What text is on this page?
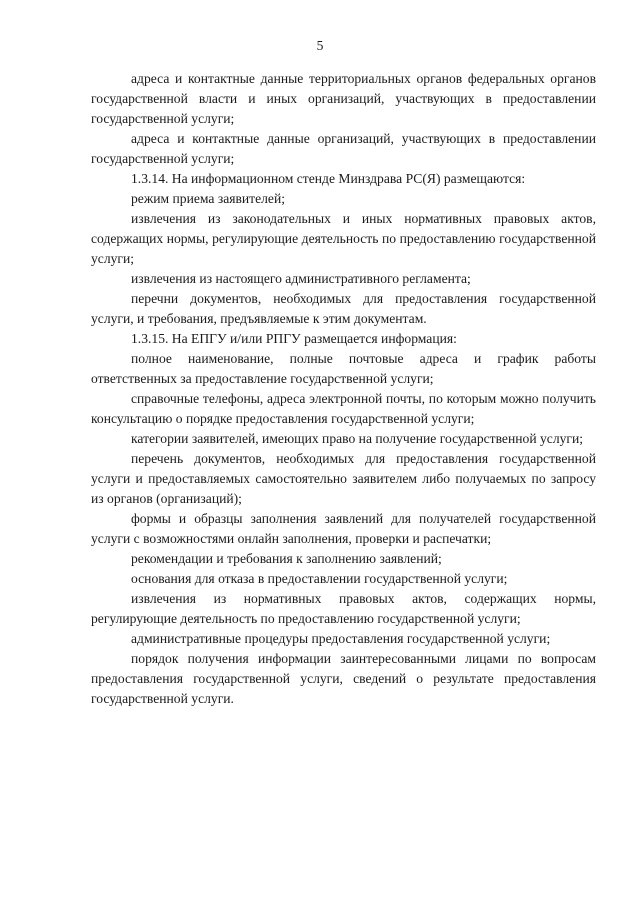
5

адреса и контактные данные территориальных органов федеральных органов государственной власти и иных организаций, участвующих в предоставлении государственной услуги;

адреса и контактные данные организаций, участвующих в предоставлении государственной услуги;

1.3.14. На информационном стенде Минздрава РС(Я) размещаются:

режим приема заявителей;

извлечения из законодательных и иных нормативных правовых актов, содержащих нормы, регулирующие деятельность по предоставлению государственной услуги;

извлечения из настоящего административного регламента;

перечни документов, необходимых для предоставления государственной услуги, и требования, предъявляемые к этим документам.

1.3.15. На ЕПГУ и/или РПГУ размещается информация:

полное наименование, полные почтовые адреса и график работы ответственных за предоставление государственной услуги;

справочные телефоны, адреса электронной почты, по которым можно получить консультацию о порядке предоставления государственной услуги;

категории заявителей, имеющих право на получение государственной услуги;

перечень документов, необходимых для предоставления государственной услуги и предоставляемых самостоятельно заявителем либо получаемых по запросу из органов (организаций);

формы и образцы заполнения заявлений для получателей государственной услуги с возможностями онлайн заполнения, проверки и распечатки;

рекомендации и требования к заполнению заявлений;

основания для отказа в предоставлении государственной услуги;

извлечения из нормативных правовых актов, содержащих нормы, регулирующие деятельность по предоставлению государственной услуги;

административные процедуры предоставления государственной услуги;

порядок получения информации заинтересованными лицами по вопросам предоставления государственной услуги, сведений о результате предоставления государственной услуги.
